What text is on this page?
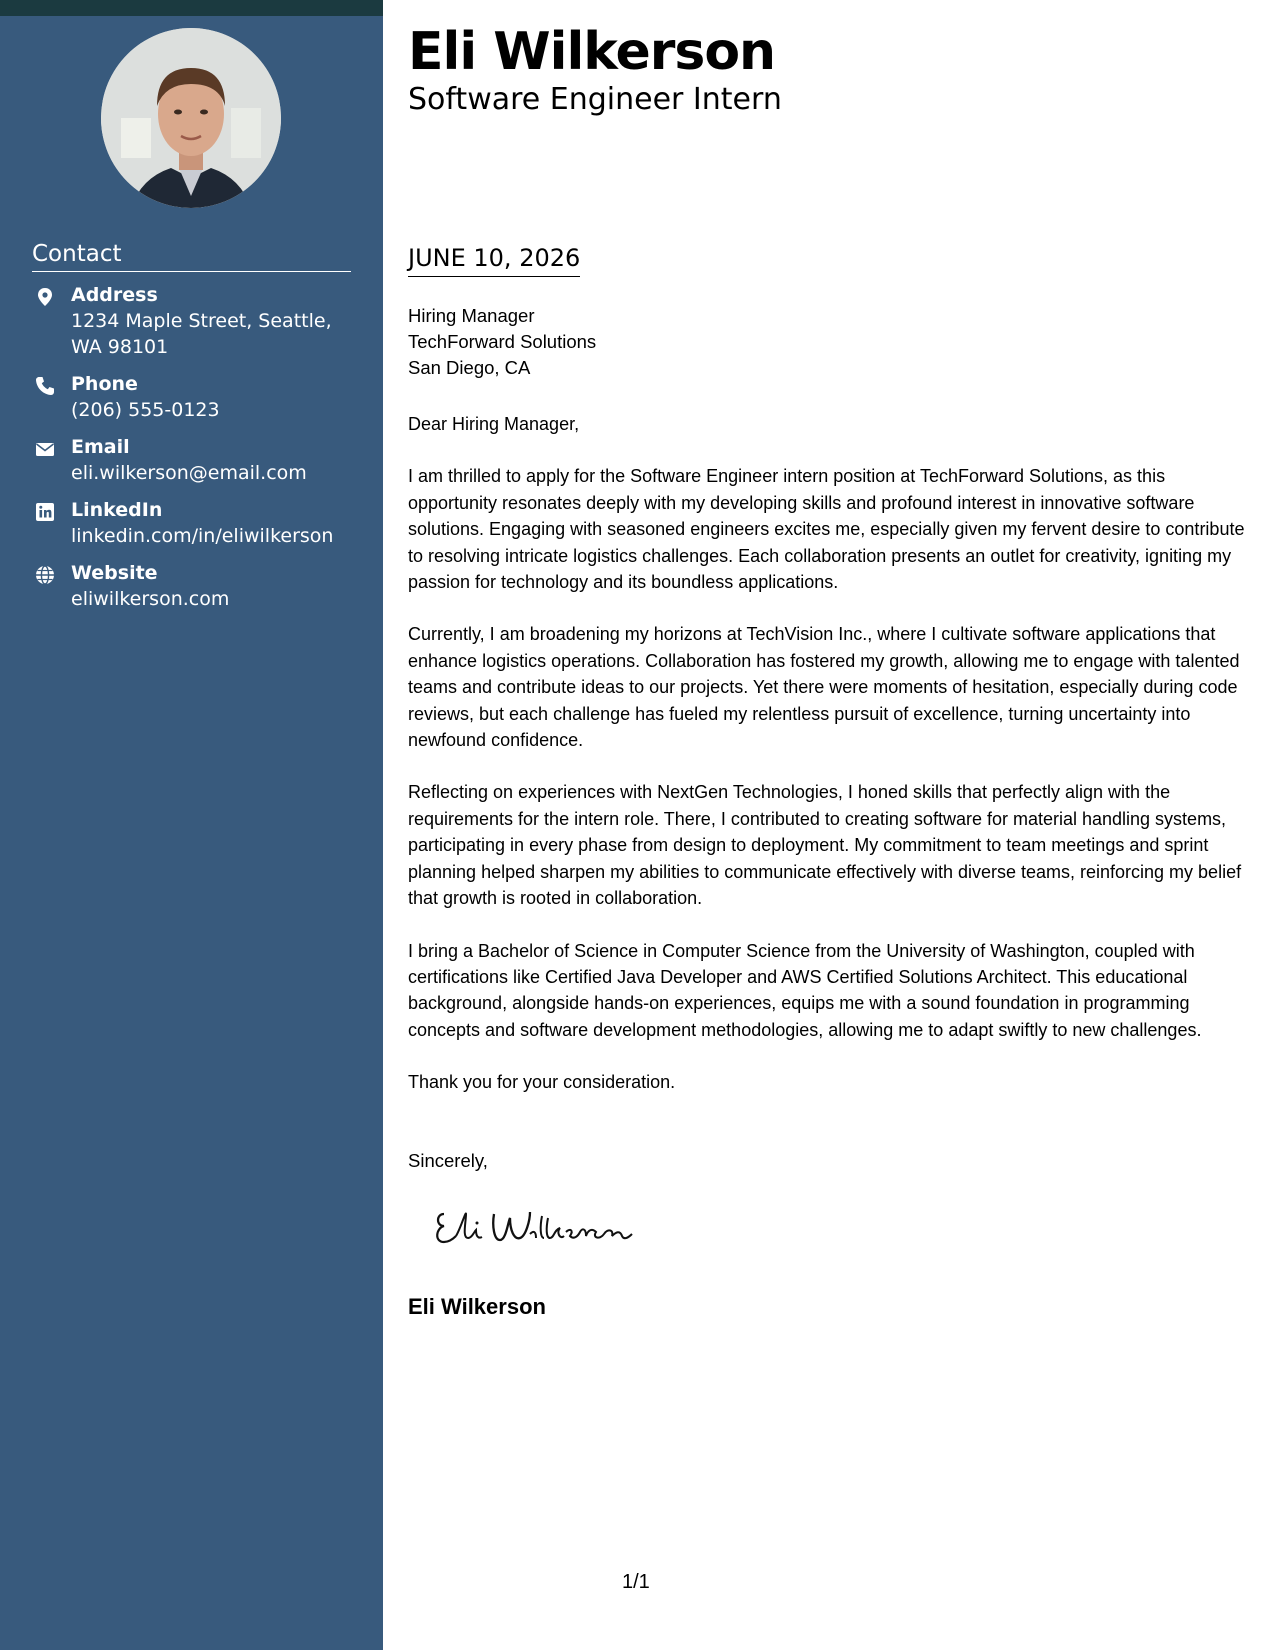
Contact
Address
1234 Maple Street, Seattle, WA 98101
Phone
(206) 555-0123
Email
eli.wilkerson@email.com
LinkedIn
linkedin.com/in/eliwilkerson
Website
eliwilkerson.com
Eli Wilkerson
Software Engineer Intern
JUNE 10, 2026
Hiring Manager
TechForward Solutions
San Diego, CA

Dear Hiring Manager,

I am thrilled to apply for the Software Engineer intern position at TechForward Solutions, as this opportunity resonates deeply with my developing skills and profound interest in innovative software solutions. Engaging with seasoned engineers excites me, especially given my fervent desire to contribute to resolving intricate logistics challenges. Each collaboration presents an outlet for creativity, igniting my passion for technology and its boundless applications.

Currently, I am broadening my horizons at TechVision Inc., where I cultivate software applications that enhance logistics operations. Collaboration has fostered my growth, allowing me to engage with talented teams and contribute ideas to our projects. Yet there were moments of hesitation, especially during code reviews, but each challenge has fueled my relentless pursuit of excellence, turning uncertainty into newfound confidence.

Reflecting on experiences with NextGen Technologies, I honed skills that perfectly align with the requirements for the intern role. There, I contributed to creating software for material handling systems, participating in every phase from design to deployment. My commitment to team meetings and sprint planning helped sharpen my abilities to communicate effectively with diverse teams, reinforcing my belief that growth is rooted in collaboration.

I bring a Bachelor of Science in Computer Science from the University of Washington, coupled with certifications like Certified Java Developer and AWS Certified Solutions Architect. This educational background, alongside hands-on experiences, equips me with a sound foundation in programming concepts and software development methodologies, allowing me to adapt swiftly to new challenges.

Thank you for your consideration.

Sincerely,
Eli Wilkerson
1/1
